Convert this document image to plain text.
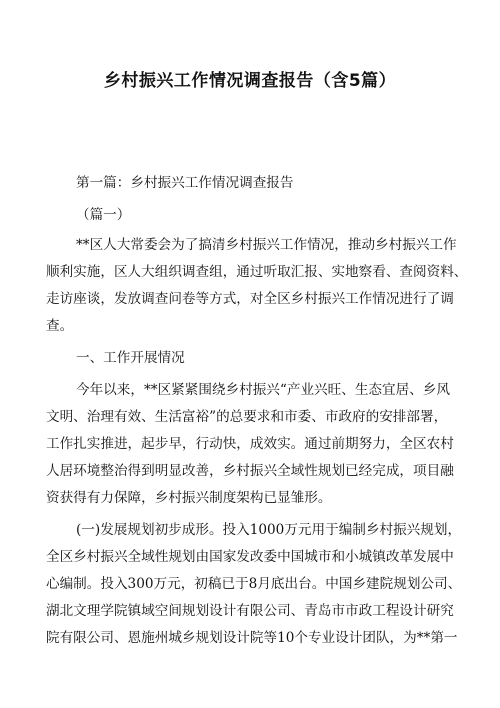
乡村振兴工作情况调查报告（含5篇）

第一篇：乡村振兴工作情况调查报告

（篇一）

**区人大常委会为了搞清乡村振兴工作情况，推动乡村振兴工作

顺利实施，区人大组织调查组，通过听取汇报、实地察看、查阅资料、

走访座谈，发放调查问卷等方式，对全区乡村振兴工作情况进行了调

查。

一、工作开展情况

今年以来，**区紧紧围绕乡村振兴“产业兴旺、生态宜居、乡风

文明、治理有效、生活富裕”的总要求和市委、市政府的安排部署，

工作扎实推进，起步早，行动快，成效实。通过前期努力，全区农村

人居环境整治得到明显改善，乡村振兴全域性规划已经完成，项目融

资获得有力保障，乡村振兴制度架构已显雏形。

(一)发展规划初步成形。投入1000万元用于编制乡村振兴规划，

全区乡村振兴全域性规划由国家发改委中国城市和小城镇改革发展中

心编制。投入300万元，初稿已于8月底出台。中国乡建院规划公司、

湖北文理学院镇域空间规划设计有限公司、青岛市市政工程设计研究

院有限公司、恩施州城乡规划设计院等10个专业设计团队，为**第一
